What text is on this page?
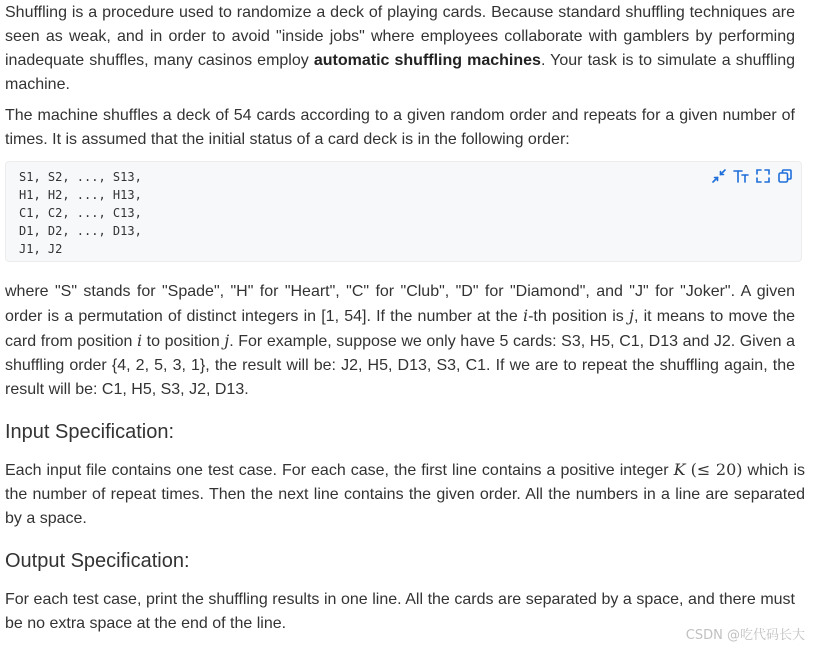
Shuffling is a procedure used to randomize a deck of playing cards. Because standard shuffling techniques are seen as weak, and in order to avoid "inside jobs" where employees collaborate with gamblers by performing inadequate shuffles, many casinos employ automatic shuffling machines. Your task is to simulate a shuffling machine.

The machine shuffles a deck of 54 cards according to a given random order and repeats for a given number of times. It is assumed that the initial status of a card deck is in the following order:

S1, S2, ..., S13,
H1, H2, ..., H13,
C1, C2, ..., C13,
D1, D2, ..., D13,
J1, J2

where "S" stands for "Spade", "H" for "Heart", "C" for "Club", "D" for "Diamond", and "J" for "Joker". A given order is a permutation of distinct integers in [1, 54]. If the number at the i-th position is j, it means to move the card from position i to position j. For example, suppose we only have 5 cards: S3, H5, C1, D13 and J2. Given a shuffling order {4, 2, 5, 3, 1}, the result will be: J2, H5, D13, S3, C1. If we are to repeat the shuffling again, the result will be: C1, H5, S3, J2, D13.

Input Specification:

Each input file contains one test case. For each case, the first line contains a positive integer K (≤ 20) which is the number of repeat times. Then the next line contains the given order. All the numbers in a line are separated by a space.

Output Specification:

For each test case, print the shuffling results in one line. All the cards are separated by a space, and there must be no extra space at the end of the line.

CSDN @吃代码长大
